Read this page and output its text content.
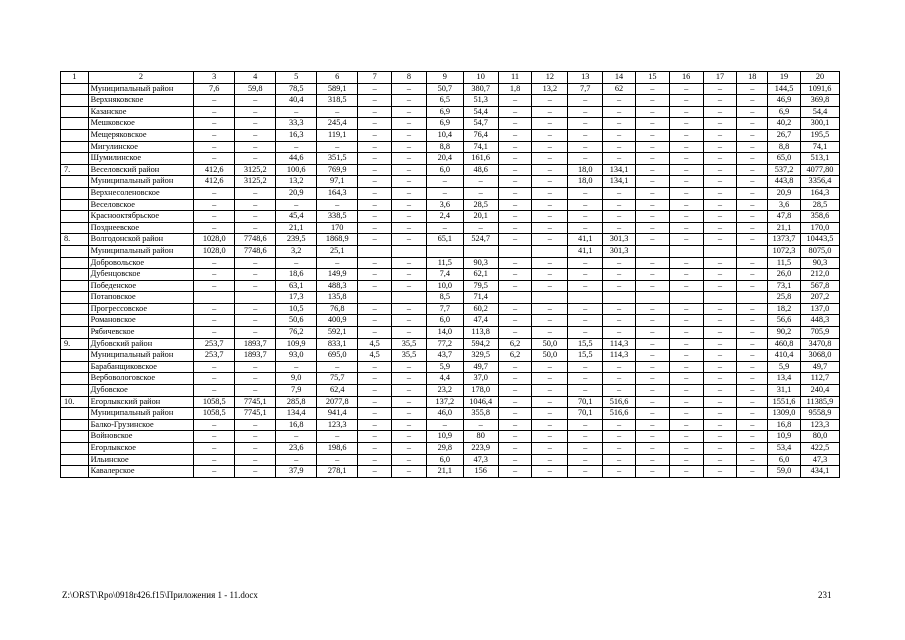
1	2	3	4	5	6	7	8	9	10	11	12	13	14	15	16	17	18	19	20
	Муниципальный район	7,6	59,8	78,5	589,1	–	–	50,7	380,7	1,8	13,2	7,7	62	–	–	–	–	144,5	1091,6
	Верхняковское	–	–	40,4	318,5	–	–	6,5	51,3	–	–	–	–	–	–	–	–	46,9	369,8
	Казанское	–	–	–	–	–	–	6,9	54,4	–	–	–	–	–	–	–	–	6,9	54,4
	Мешковское	–	–	33,3	245,4	–	–	6,9	54,7	–	–	–	–	–	–	–	–	40,2	300,1
	Мещеряковское	–	–	16,3	119,1	–	–	10,4	76,4	–	–	–	–	–	–	–	–	26,7	195,5
	Мигулинское	–	–	–	–	–	–	8,8	74,1	–	–	–	–	–	–	–	–	8,8	74,1
	Шумилинское	–	–	44,6	351,5	–	–	20,4	161,6	–	–	–	–	–	–	–	–	65,0	513,1
7.	Веселовский район	412,6	3125,2	100,6	769,9	–	–	6,0	48,6	–	–	18,0	134,1	–	–	–	–	537,2	4077,80
	Муниципальный район	412,6	3125,2	13,2	97,1	–	–	–	–	–	–	18,0	134,1	–	–	–	–	443,8	3356,4
	Верхнесоленовское	–	–	20,9	164,3	–	–	–	–	–	–	–	–	–	–	–	–	20,9	164,3
	Веселовское	–	–	–	–	–	–	3,6	28,5	–	–	–	–	–	–	–	–	3,6	28,5
	Краснооктябрьское	–	–	45,4	338,5	–	–	2,4	20,1	–	–	–	–	–	–	–	–	47,8	358,6
	Позднеевское	–	–	21,1	170	–	–	–	–	–	–	–	–	–	–	–	–	21,1	170,0
8.	Волгодонской район	1028,0	7748,6	239,5	1868,9	–	–	65,1	524,7	–	–	41,1	301,3	–	–	–	–	1373,7	10443,5
	Муниципальный район	1028,0	7748,6	3,2	25,1							41,1	301,3					1072,3	8075,0
	Добровольское	–	–	–	–	–	–	11,5	90,3	–	–	–	–	–	–	–	–	11,5	90,3
	Дубенцовское	–	–	18,6	149,9	–	–	7,4	62,1	–	–	–	–	–	–	–	–	26,0	212,0
	Победенское	–	–	63,1	488,3	–	–	10,0	79,5	–	–	–	–	–	–	–	–	73,1	567,8
	Потаповское			17,3	135,8			8,5	71,4									25,8	207,2
	Прогрессовское	–	–	10,5	76,8	–	–	7,7	60,2	–	–	–	–	–	–	–	–	18,2	137,0
	Романовское	–	–	50,6	400,9	–	–	6,0	47,4	–	–	–	–	–	–	–	–	56,6	448,3
	Рябичевское	–	–	76,2	592,1	–	–	14,0	113,8	–	–	–	–	–	–	–	–	90,2	705,9
9.	Дубовский район	253,7	1893,7	109,9	833,1	4,5	35,5	77,2	594,2	6,2	50,0	15,5	114,3	–	–	–	–	460,8	3470,8
	Муниципальный район	253,7	1893,7	93,0	695,0	4,5	35,5	43,7	329,5	6,2	50,0	15,5	114,3	–	–	–	–	410,4	3068,0
	Барабанщиковское	–	–	–	–	–	–	5,9	49,7	–	–	–	–	–	–	–	–	5,9	49,7
	Вербовологовское	–	–	9,0	75,7	–	–	4,4	37,0	–	–	–	–	–	–	–	–	13,4	112,7
	Дубовское	–	–	7,9	62,4	–	–	23,2	178,0	–	–	–	–	–	–	–	–	31,1	240,4
10.	Егорлыкский район	1058,5	7745,1	285,8	2077,8	–	–	137,2	1046,4	–	–	70,1	516,6	–	–	–	–	1551,6	11385,9
	Муниципальный район	1058,5	7745,1	134,4	941,4	–	–	46,0	355,8	–	–	70,1	516,6	–	–	–	–	1309,0	9558,9
	Балко-Грузинское	–	–	16,8	123,3	–	–	–	–	–	–	–	–	–	–	–	–	16,8	123,3
	Войновское	–	–	–	–	–	–	10,9	80	–	–	–	–	–	–	–	–	10,9	80,0
	Егорлыкское	–	–	23,6	198,6	–	–	29,8	223,9	–	–	–	–	–	–	–	–	53,4	422,5
	Ильинское	–	–	–	–	–	–	6,0	47,3	–	–	–	–	–	–	–	–	6,0	47,3
	Кавалерское	–	–	37,9	278,1	–	–	21,1	156	–	–	–	–	–	–	–	–	59,0	434,1
Z:\ORST\Rpo\0918r426.f15\Приложения 1 - 11.docx	231
